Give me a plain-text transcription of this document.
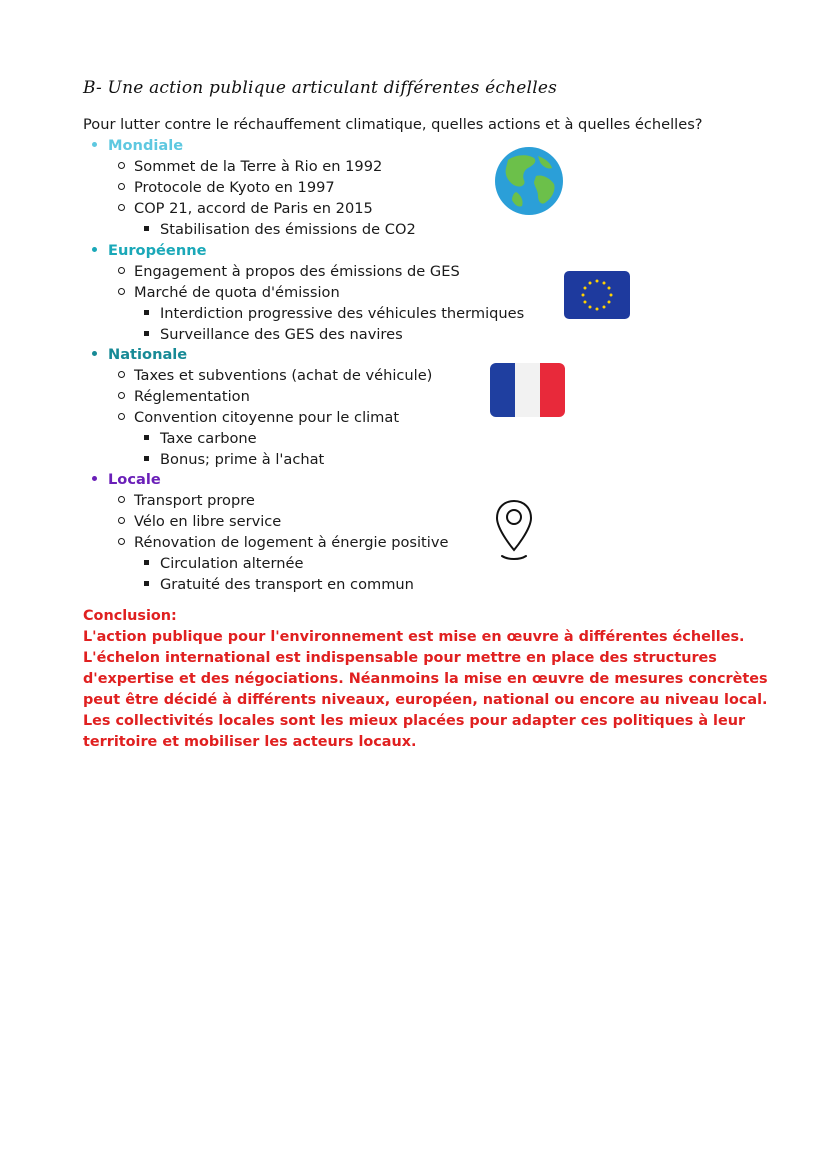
B- Une action publique articulant différentes échelles
Pour lutter contre le réchauffement climatique, quelles actions et à quelles échelles?
Mondiale
Sommet de la Terre à Rio en 1992
Protocole de Kyoto en 1997
COP 21, accord de Paris en 2015
Stabilisation des émissions de CO2
Européenne
Engagement à propos des émissions de GES
Marché de quota d'émission
Interdiction progressive des véhicules thermiques
Surveillance des GES des navires
Nationale
Taxes et subventions (achat de véhicule)
Réglementation
Convention citoyenne pour le climat
Taxe carbone
Bonus; prime à l'achat
Locale
Transport propre
Vélo en libre service
Rénovation de logement à énergie positive
Circulation alternée
Gratuité des transport en commun

Conclusion:

L'action publique pour l'environnement est mise en œuvre à différentes échelles.

L'échelon international est indispensable pour mettre en place des structures

d'expertise et des négociations. Néanmoins la mise en œuvre de mesures concrètes

peut être décidé à différents niveaux, européen, national ou encore au niveau local.

Les collectivités locales sont les mieux placées pour adapter ces politiques à leur

territoire et mobiliser les acteurs locaux.
